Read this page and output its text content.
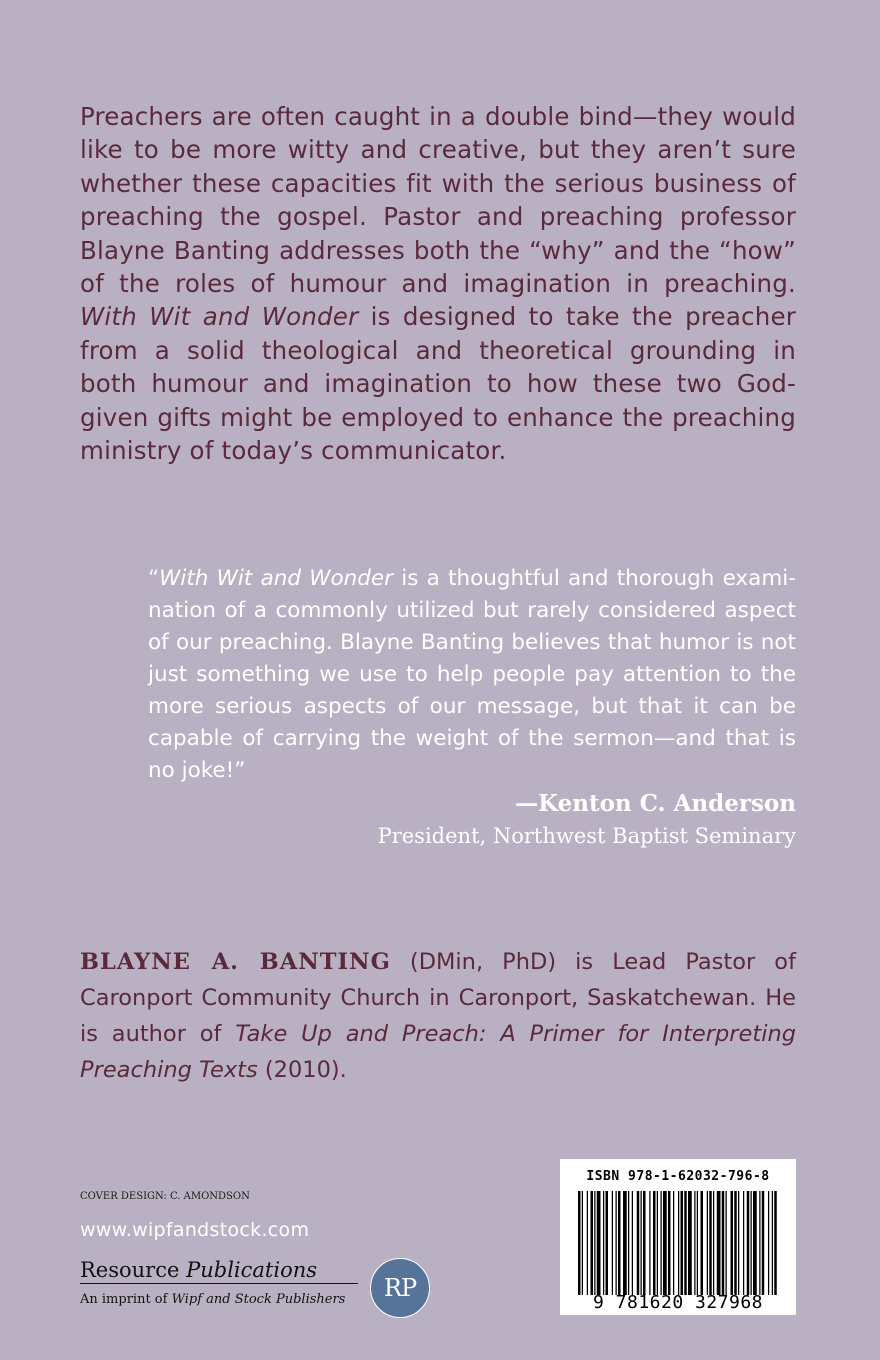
Preachers are often caught in a double bind—they would like to be more witty and creative, but they aren’t sure whether these capacities fit with the serious business of preaching the gospel. Pastor and preaching professor Blayne Banting addresses both the “why” and the “how” of the roles of humour and imagination in preaching. With Wit and Wonder is designed to take the preacher from a solid theological and theoretical grounding in both humour and imagination to how these two God-given gifts might be employed to enhance the preaching ministry of today’s communicator.
“With Wit and Wonder is a thoughtful and thorough examination of a commonly utilized but rarely considered aspect of our preaching. Blayne Banting believes that humor is not just something we use to help people pay attention to the more serious aspects of our message, but that it can be capable of carrying the weight of the sermon—and that is no joke!”
—Kenton C. Anderson
President, Northwest Baptist Seminary
BLAYNE A. BANTING (DMin, PhD) is Lead Pastor of Caronport Community Church in Caronport, Saskatchewan. He is author of Take Up and Preach: A Primer for Interpreting Preaching Texts (2010).
COVER DESIGN: C. AMONDSON
www.wipfandstock.com
Resource Publications
An imprint of Wipf and Stock Publishers	RP
ISBN 978-1-62032-796-8
9 781620 327968
